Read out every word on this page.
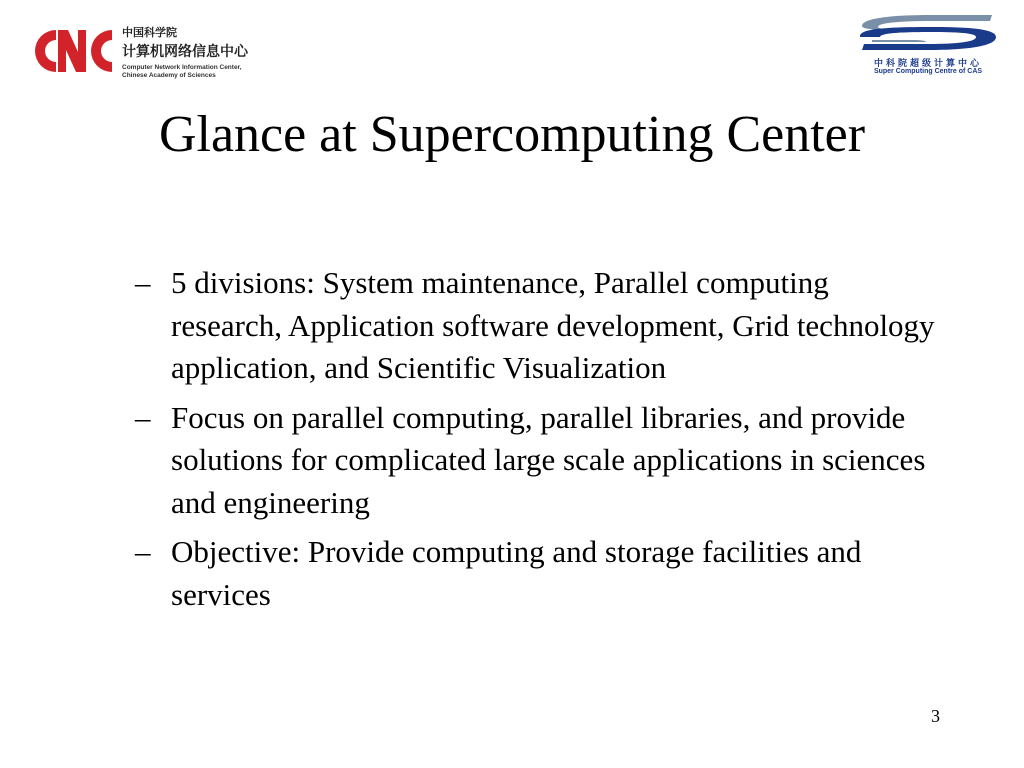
中国科学院
计算机网络信息中心
Computer Network Information Center,
Chinese Academy of Sciences
中科院超级计算中心
Super Computing Centre of CAS
Glance at Supercomputing Center
– 5 divisions: System maintenance, Parallel computing research, Application software development, Grid technology application, and Scientific Visualization
– Focus on parallel computing, parallel libraries, and provide solutions for complicated large scale applications in sciences and engineering
– Objective: Provide computing and storage facilities and services
3
